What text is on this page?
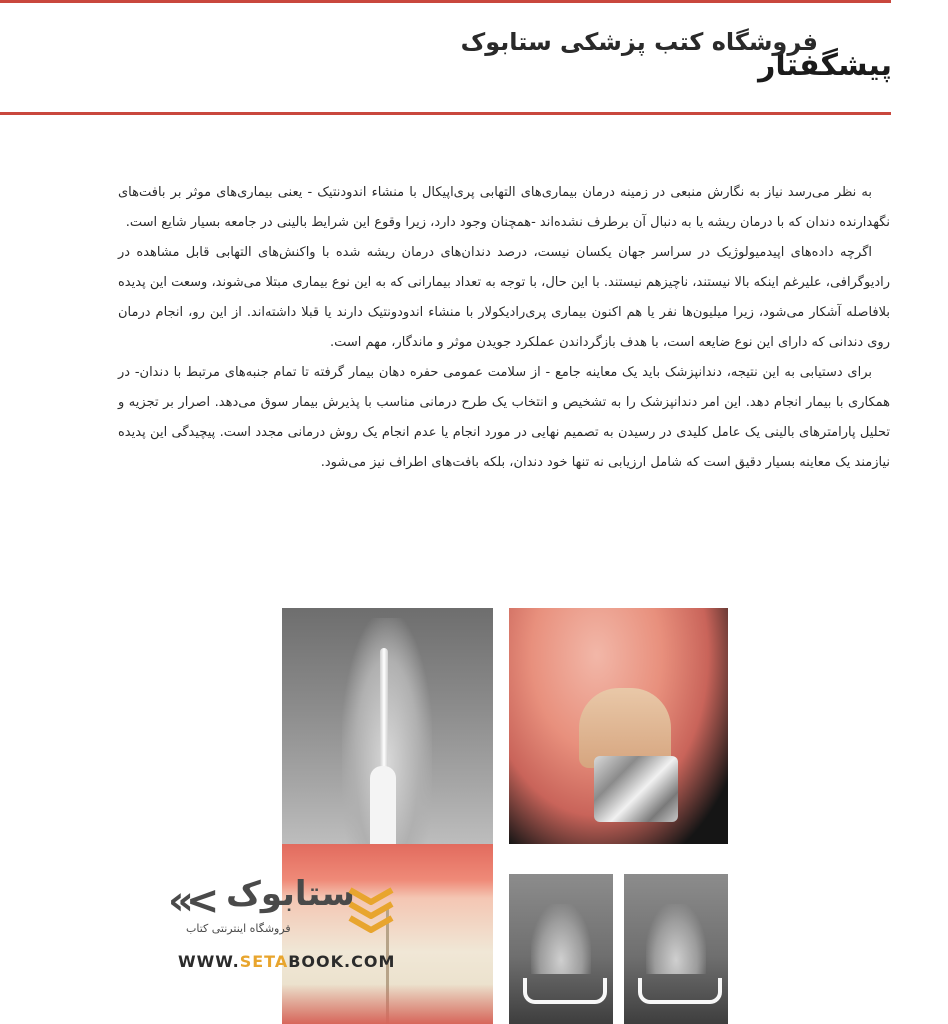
پیشگفتار
فروشگاه کتب پزشکی ستابوک

به نظر می‌رسد نیاز به نگارش منبعی در زمینه درمان بیماری‌های التهابی پری‌اپیکال با منشاء اندودنتیک - یعنی بیماری‌های موثر بر بافت‌های نگهدارنده دندان که با درمان ریشه یا به دنبال آن برطرف نشده‌اند -همچنان وجود دارد، زیرا وقوع این شرایط بالینی در جامعه بسیار شایع است.

اگرچه داده‌های اپیدمیولوژیک در سراسر جهان یکسان نیست، درصد دندان‌های درمان ریشه شده با واکنش‌های التهابی قابل مشاهده در رادیوگرافی، علیرغم اینکه بالا نیستند، ناچیزهم نیستند. با این حال، با توجه به تعداد بیمارانی که به این نوع بیماری مبتلا می‌شوند، وسعت این پدیده بلافاصله آشکار می‌شود، زیرا میلیون‌ها نفر یا هم اکنون بیماری پری‌رادیکولار با منشاء اندودونتیک دارند یا قبلا داشته‌اند. از این رو، انجام درمان روی دندانی که دارای این نوع ضایعه است، با هدف بازگرداندن عملکرد جویدن موثر و ماندگار، مهم است.

برای دستیابی به این نتیجه، دندانپزشک باید یک معاینه جامع - از سلامت عمومی حفره دهان بیمار گرفته تا تمام جنبه‌های مرتبط با دندان- در همکاری با بیمار انجام دهد. این امر دندانپزشک را به تشخیص و انتخاب یک طرح درمانی مناسب با پذیرش بیمار سوق می‌دهد. اصرار بر تجزیه و تحلیل پارامترهای بالینی یک عامل کلیدی در رسیدن به تصمیم نهایی در مورد انجام یا عدم انجام یک روش درمانی مجدد است. پیچیدگی این پدیده نیازمند یک معاینه بسیار دقیق است که شامل ارزیابی نه تنها خود دندان، بلکه بافت‌های اطراف نیز می‌شود.

«< ستابوک
فروشگاه اینترنتی کتاب
WWW.SETABOOK.COM
